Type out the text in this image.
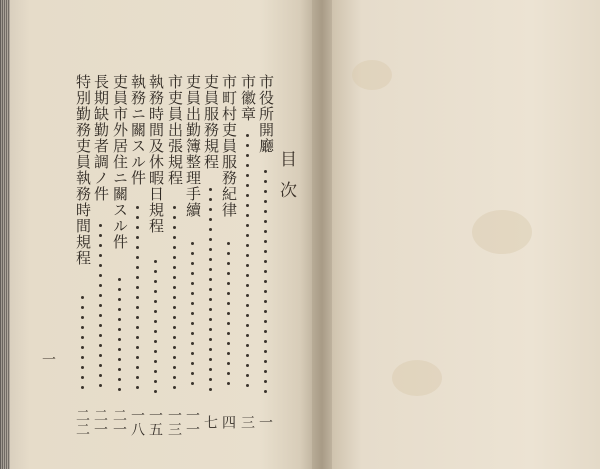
目次
市役所開廳
一
市徽章
三
市町村吏員服務紀律
四
吏員服務規程
七
吏員出勤簿整理手續
一一
市吏員出張規程
一三
執務時間及休暇日規程
一五
執務ニ關スル件
一八
吏員市外居住ニ關スル件
二一
長期缺勤者調ノ件
二一
特別勤務吏員執務時間規程
二二
一
